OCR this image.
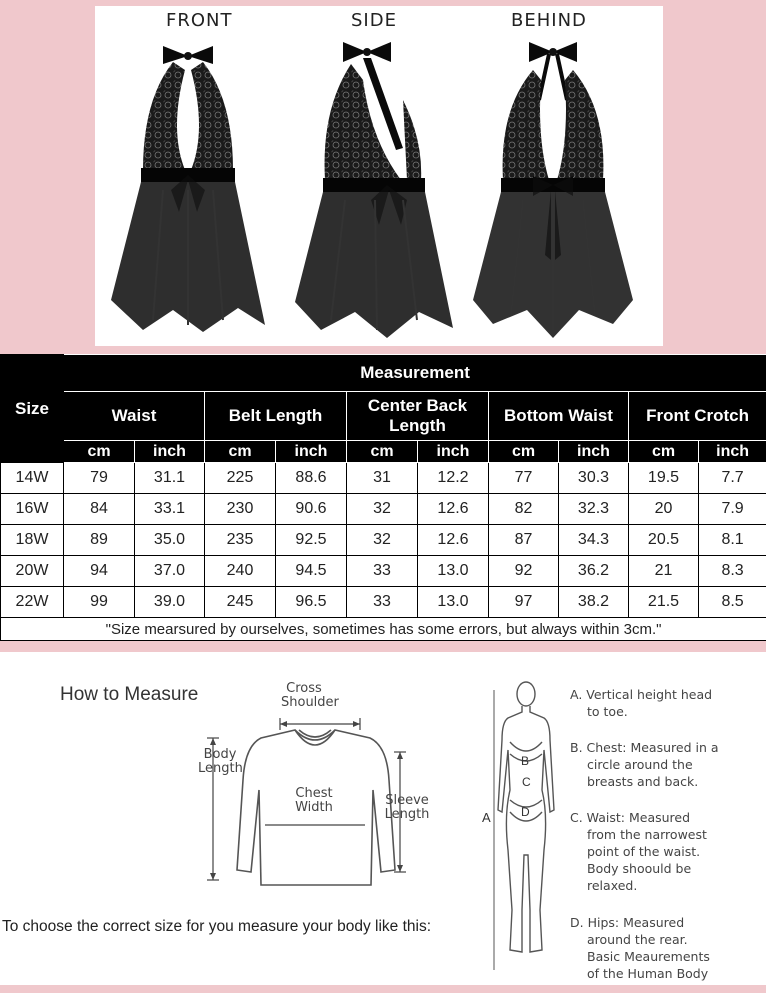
FRONT	SIDE	BEHIND
Size	Measurement									
	Waist		Belt Length		Center Back Length		Bottom Waist		Front Crotch	
	cm	inch	cm	inch	cm	inch	cm	inch	cm	inch
14W	79	31.1	225	88.6	31	12.2	77	30.3	19.5	7.7
16W	84	33.1	230	90.6	32	12.6	82	32.3	20	7.9
18W	89	35.0	235	92.5	32	12.6	87	34.3	20.5	8.1
20W	94	37.0	240	94.5	33	13.0	92	36.2	21	8.3
22W	99	39.0	245	96.5	33	13.0	97	38.2	21.5	8.5
"Size mearsured by ourselves, sometimes has some errors, but always within 3cm."										
How to Measure	Cross
Shoulder
Body
Length
Chest
Width	Sleeve
Length
To choose the correct size for you measure your body like this:
A
B
C
D
A. Vertical height head
to toe.
B. Chest: Measured in a
circle around the
breasts and back.
C. Waist: Measured
from the narrowest
point of the waist.
Body shoould be
relaxed.
D. Hips: Measured
around the rear.
Basic Meaurements
of the Human Body
